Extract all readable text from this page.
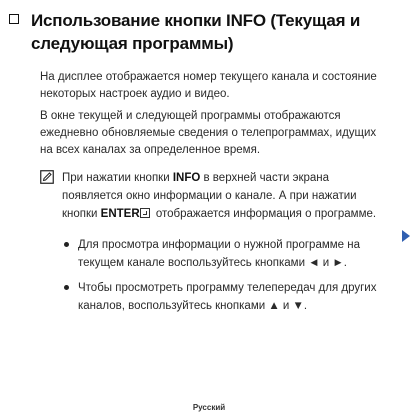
Использование кнопки INFO (Текущая и следующая программы)

На дисплее отображается номер текущего канала и состояние некоторых настроек аудио и видео.

В окне текущей и следующей программы отображаются ежедневно обновляемые сведения о телепрограммах, идущих на всех каналах за определенное время.

При нажатии кнопки INFO в верхней части экрана появляется окно информации о канале. А при нажатии кнопки ENTER отображается информация о программе.
Для просмотра информации о нужной программе на текущем канале воспользуйтесь кнопками ◄ и ►.
Чтобы просмотреть программу телепередач для других каналов, воспользуйтесь кнопками ▲ и ▼.
Русский
